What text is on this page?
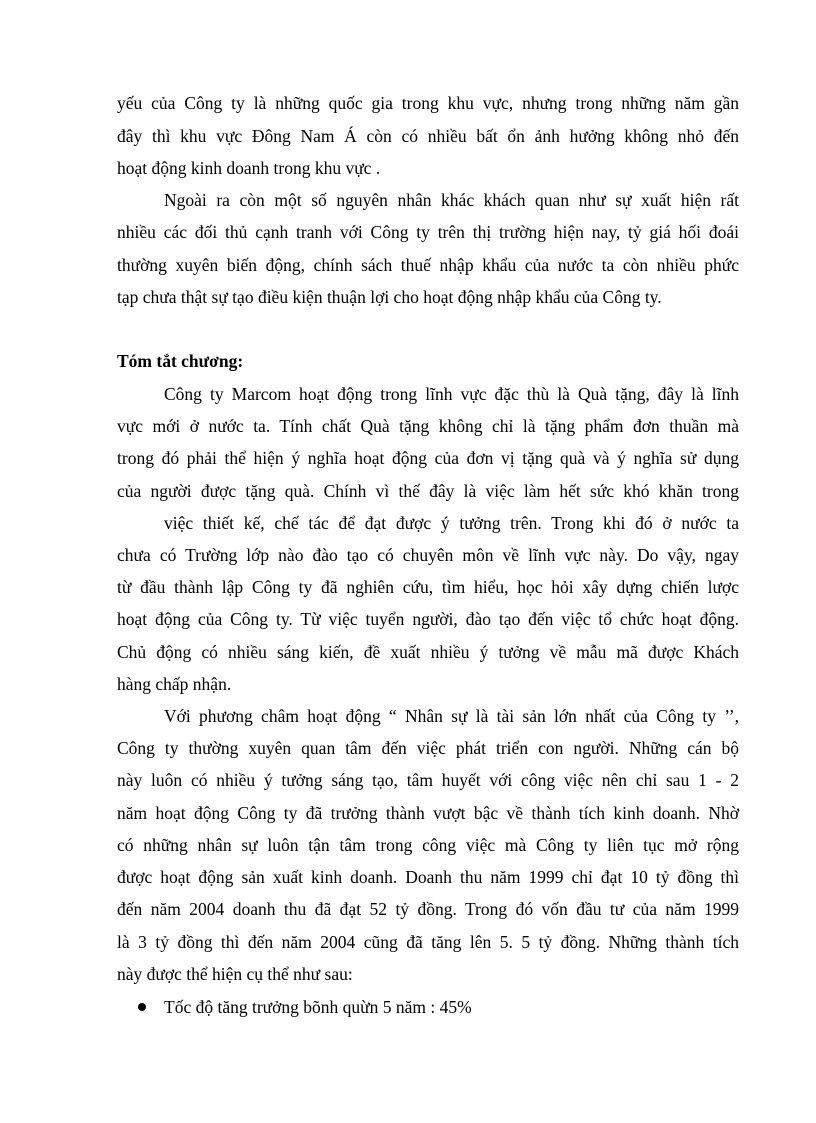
yếu của Công ty là những quốc gia trong khu vực, nhưng trong những năm gần
đây thì khu vực Đông Nam Á còn có nhiều bất ổn ảnh hưởng không nhỏ đến
hoạt động kinh doanh trong khu vực .
Ngoài ra còn một số nguyên nhân khác khách quan như sự xuất hiện rất
nhiều các đối thủ cạnh tranh với Công ty trên thị trường hiện nay, tỷ giá hối đoái
thường xuyên biến động, chính sách thuế nhập khẩu của nước ta còn nhiều phức
tạp chưa thật sự tạo điều kiện thuận lợi cho hoạt động nhập khẩu của Công ty.
Tóm tắt chương:
Công ty Marcom hoạt động trong lĩnh vực đặc thù là Quà tặng, đây là lĩnh
vực mới ở nước ta. Tính chất Quà tặng không chỉ là tặng phẩm đơn thuần mà
trong đó phải thể hiện ý nghĩa hoạt động của đơn vị tặng quà và ý nghĩa sử dụng
của người được tặng quà. Chính vì thế đây là việc làm hết sức khó khăn trong
việc thiết kế, chế tác để đạt được ý tưởng trên. Trong khi đó ở nước ta
chưa có Trường lớp nào đào tạo có chuyên môn về lĩnh vực này. Do vậy, ngay
từ đầu thành lập Công ty đã nghiên cứu, tìm hiểu, học hỏi xây dựng chiến lược
hoạt động của Công ty. Từ việc tuyển người, đào tạo đến việc tổ chức hoạt động.
Chủ động có nhiều sáng kiến, đề xuất nhiều ý tưởng về mẫu mã được Khách
hàng chấp nhận.
Với phương châm hoạt động “ Nhân sự là tài sản lớn nhất của Công ty ’’,
Công ty thường xuyên quan tâm đến việc phát triển con người. Những cán bộ
này luôn có nhiều ý tưởng sáng tạo, tâm huyết với công việc nên chỉ sau 1 - 2
năm hoạt động Công ty đã trưởng thành vượt bậc về thành tích kinh doanh. Nhờ
có những nhân sự luôn tận tâm trong công việc mà Công ty liên tục mở rộng
được hoạt động sản xuất kinh doanh. Doanh thu năm 1999 chỉ đạt 10 tỷ đồng thì
đến năm 2004 doanh thu đã đạt 52 tỷ đồng. Trong đó vốn đầu tư của năm 1999
là 3 tỷ đồng thì đến năm 2004 cũng đã tăng lên 5. 5 tỷ đồng. Những thành tích
này được thể hiện cụ thể như sau:
Tốc độ tăng trưởng bõnh quừn 5 năm : 45%
